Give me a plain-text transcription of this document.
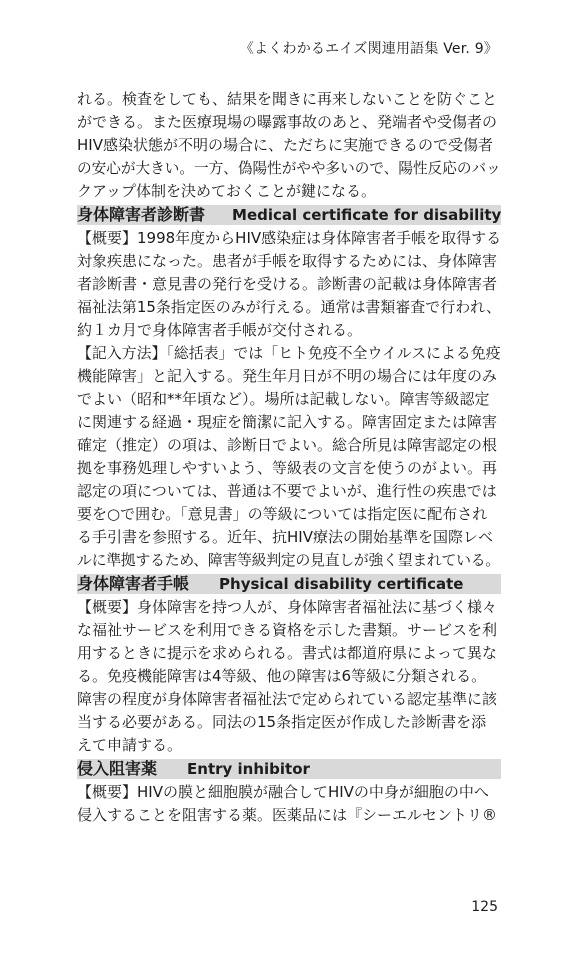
《よくわかるエイズ関連用語集 Ver. 9》
れる。検査をしても、結果を聞きに再来しないことを防ぐこと
ができる。また医療現場の曝露事故のあと、発端者や受傷者の
HIV感染状態が不明の場合に、ただちに実施できるので受傷者
の安心が大きい。一方、偽陽性がやや多いので、陽性反応のバッ
クアップ体制を決めておくことが鍵になる。
身体障害者診断書 Medical certificate for disability
【概要】1998年度からHIV感染症は身体障害者手帳を取得する
対象疾患になった。患者が手帳を取得するためには、身体障害
者診断書・意見書の発行を受ける。診断書の記載は身体障害者
福祉法第15条指定医のみが行える。通常は書類審査で行われ、
約１カ月で身体障害者手帳が交付される。
【記入方法】「総括表」では「ヒト免疫不全ウイルスによる免疫
機能障害」と記入する。発生年月日が不明の場合には年度のみ
でよい（昭和**年頃など）。場所は記載しない。障害等級認定
に関連する経過・現症を簡潔に記入する。障害固定または障害
確定（推定）の項は、診断日でよい。総合所見は障害認定の根
拠を事務処理しやすいよう、等級表の文言を使うのがよい。再
認定の項については、普通は不要でよいが、進行性の疾患では
要を○で囲む。「意見書」の等級については指定医に配布され
る手引書を参照する。近年、抗HIV療法の開始基準を国際レベ
ルに準拠するため、障害等級判定の見直しが強く望まれている。
身体障害者手帳 Physical disability certificate
【概要】身体障害を持つ人が、身体障害者福祉法に基づく様々
な福祉サービスを利用できる資格を示した書類。サービスを利
用するときに提示を求められる。書式は都道府県によって異な
る。免疫機能障害は4等級、他の障害は6等級に分類される。
障害の程度が身体障害者福祉法で定められている認定基準に該
当する必要がある。同法の15条指定医が作成した診断書を添
えて申請する。
侵入阻害薬 Entry inhibitor
【概要】HIVの膜と細胞膜が融合してHIVの中身が細胞の中へ
侵入することを阻害する薬。医薬品には『シーエルセントリ®
125
